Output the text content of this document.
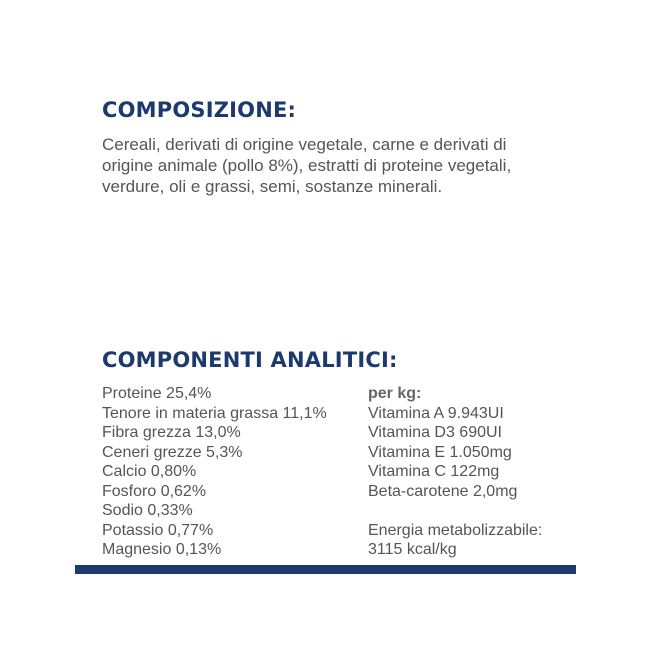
COMPOSIZIONE:

Cereali, derivati di origine vegetale, carne e derivati di origine animale (pollo 8%), estratti di proteine vegetali, verdure, oli e grassi, semi, sostanze minerali.

COMPONENTI ANALITICI:
Proteine 25,4%
Tenore in materia grassa 11,1%
Fibra grezza 13,0%
Ceneri grezze 5,3%
Calcio 0,80%
Fosforo 0,62%
Sodio 0,33%
Potassio 0,77%
Magnesio 0,13%
per kg:
Vitamina A 9.943UI
Vitamina D3 690UI
Vitamina E 1.050mg
Vitamina C 122mg
Beta-carotene 2,0mg
Energia metabolizzabile:
3115 kcal/kg
